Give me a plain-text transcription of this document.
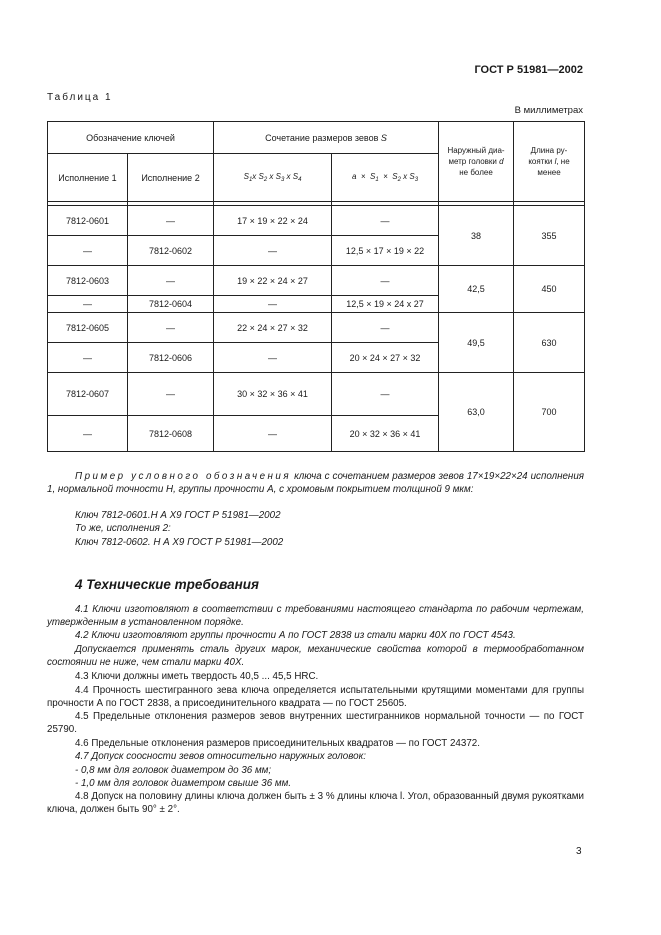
ГОСТ Р 51981—2002
Таблица 1
В миллиметрах
Обозначение ключей		Сочетание размеров зевов S		Наружный диа-
метр головки d
не более	Длина ру-
коятки l, не
менее
Исполнение 1	Исполнение 2	$S_1x$ $S_2$ x $S_3$ x $S_4$	$a \times S_1 \times S_2$ x $S_3$

7812-0601	—	17 × 19 × 22 × 24	—	38	355
—	7812-0602	—	12,5 × 17 × 19 × 22		
7812-0603	—	19 × 22 × 24 × 27	—	42,5	450
—	7812-0604	—	12,5 × 19 × 24 x 27		
7812-0605	—	22 × 24 × 27 × 32	—	49,5	630
—	7812-0606	—	20 × 24 × 27 × 32		
7812-0607	—	30 × 32 × 36 × 41	—	63,0	700
—	7812-0608	—	20 × 32 × 36 × 41		
Пример условного обозначения ключа с сочетанием размеров зевов 17×19×22×24 исполнения 1, нормальной точности Н, группы прочности А, с хромовым покрытием толщиной 9 мкм:
Ключ 7812-0601.Н А Х9 ГОСТ Р 51981—2002
То же, исполнения 2:
Ключ 7812-0602. Н А Х9 ГОСТ Р 51981—2002
4 Технические требования
4.1 Ключи изготовляют в соответствии с требованиями настоящего стандарта по рабочим чертежам, утвержденным в установленном порядке.
4.2 Ключи изготовляют группы прочности А по ГОСТ 2838 из стали марки 40Х по ГОСТ 4543.
Допускается применять сталь других марок, механические свойства которой в термообработанном состоянии не ниже, чем стали марки 40Х.
4.3 Ключи должны иметь твердость 40,5 ... 45,5 HRC.
4.4 Прочность шестигранного зева ключа определяется испытательными крутящими моментами для группы прочности А по ГОСТ 2838, а присоединительного квадрата — по ГОСТ 25605.
4.5 Предельные отклонения размеров зевов внутренних шестигранников нормальной точности — по ГОСТ 25790.
4.6 Предельные отклонения размеров присоединительных квадратов — по ГОСТ 24372.
4.7 Допуск соосности зевов относительно наружных головок:
- 0,8 мм для головок диаметром до 36 мм;
- 1,0 мм для головок диаметром свыше 36 мм.
4.8 Допуск на половину длины ключа должен быть ± 3 % длины ключа l. Угол, образованный двумя рукоятками ключа, должен быть 90° ± 2°.
3
